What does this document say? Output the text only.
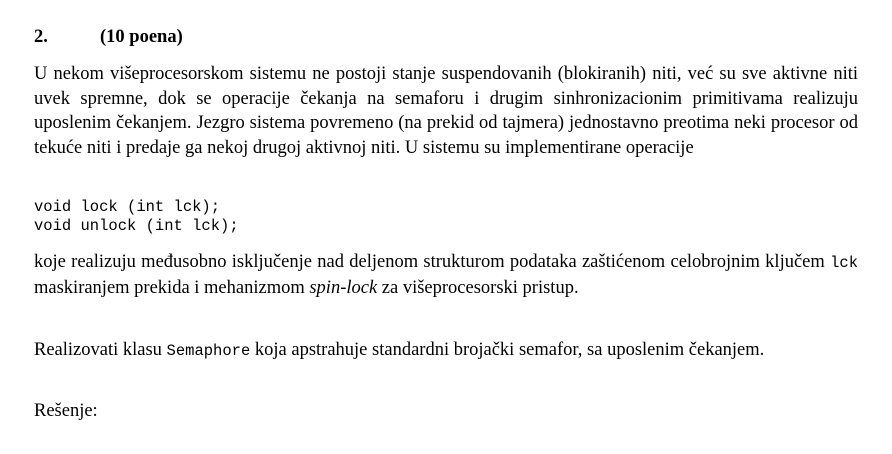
2.	(10 poena)

U nekom višeprocesorskom sistemu ne postoji stanje suspendovanih (blokiranih) niti, već su sve aktivne niti uvek spremne, dok se operacije čekanja na semaforu i drugim sinhronizacionim primitivama realizuju uposlenim čekanjem. Jezgro sistema povremeno (na prekid od tajmera) jednostavno preotima neki procesor od tekuće niti i predaje ga nekoj drugoj aktivnoj niti. U sistemu su implementirane operacije

void lock (int lck);
void unlock (int lck);

koje realizuju međusobno isključenje nad deljenom strukturom podataka zaštićenom celobrojnim ključem lck maskiranjem prekida i mehanizmom spin-lock za višeprocesorski pristup.

Realizovati klasu Semaphore koja apstrahuje standardni brojački semafor, sa uposlenim čekanjem.

Rešenje:
